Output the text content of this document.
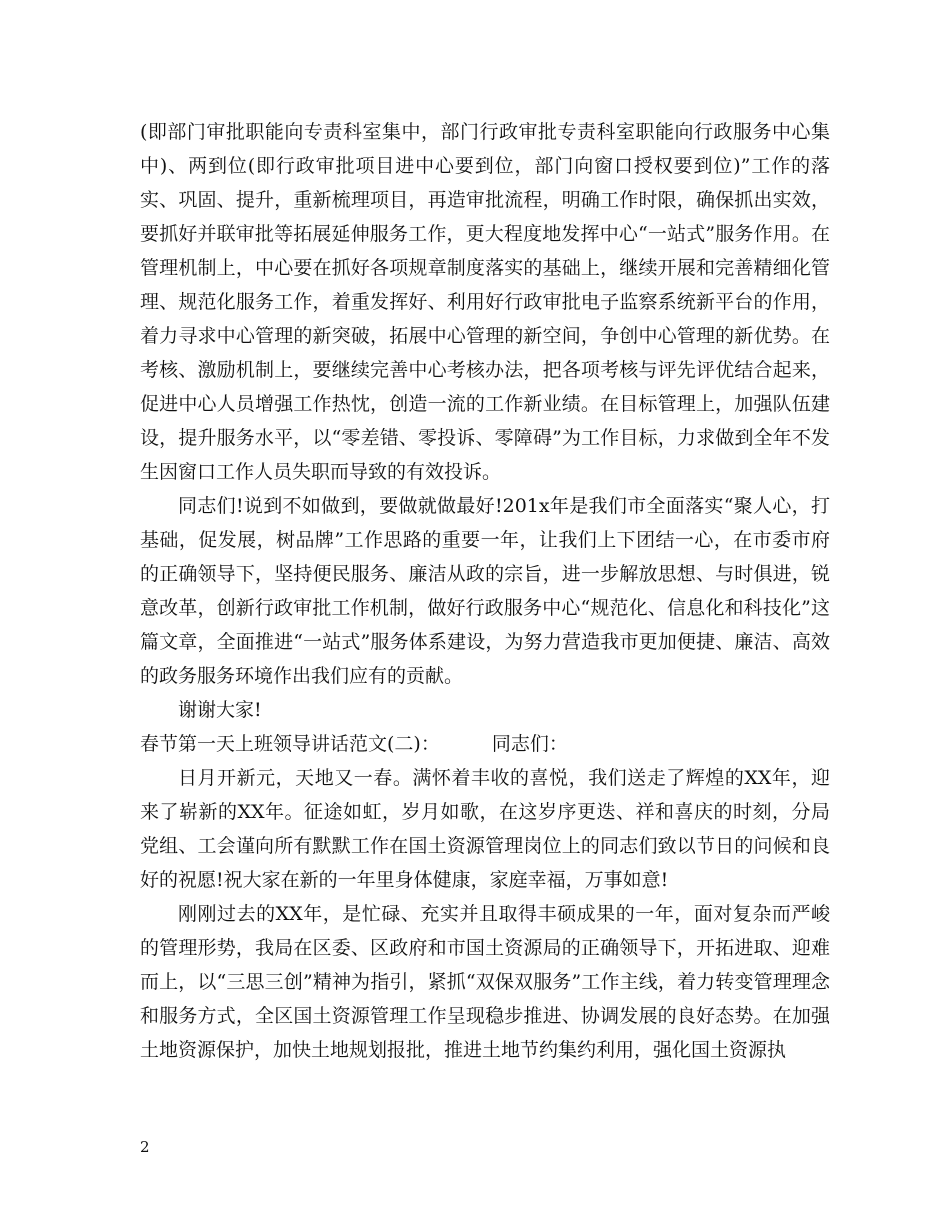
(即部门审批职能向专责科室集中，部门行政审批专责科室职能向行政服务中心集中)、两到位(即行政审批项目进中心要到位，部门向窗口授权要到位)”工作的落实、巩固、提升，重新梳理项目，再造审批流程，明确工作时限，确保抓出实效，要抓好并联审批等拓展延伸服务工作，更大程度地发挥中心“一站式”服务作用。在管理机制上，中心要在抓好各项规章制度落实的基础上，继续开展和完善精细化管理、规范化服务工作，着重发挥好、利用好行政审批电子监察系统新平台的作用，着力寻求中心管理的新突破，拓展中心管理的新空间，争创中心管理的新优势。在考核、激励机制上，要继续完善中心考核办法，把各项考核与评先评优结合起来，促进中心人员增强工作热忱，创造一流的工作新业绩。在目标管理上，加强队伍建设，提升服务水平，以“零差错、零投诉、零障碍”为工作目标，力求做到全年不发生因窗口工作人员失职而导致的有效投诉。

同志们!说到不如做到，要做就做最好!201x年是我们市全面落实“聚人心，打基础，促发展，树品牌”工作思路的重要一年，让我们上下团结一心，在市委市府的正确领导下，坚持便民服务、廉洁从政的宗旨，进一步解放思想、与时俱进，锐意改革，创新行政审批工作机制，做好行政服务中心“规范化、信息化和科技化”这篇文章，全面推进“一站式”服务体系建设，为努力营造我市更加便捷、廉洁、高效的政务服务环境作出我们应有的贡献。

谢谢大家!

春节第一天上班领导讲话范文(二)：	同志们：

日月开新元，天地又一春。满怀着丰收的喜悦，我们送走了辉煌的XX年，迎来了崭新的XX年。征途如虹，岁月如歌，在这岁序更迭、祥和喜庆的时刻，分局党组、工会谨向所有默默工作在国土资源管理岗位上的同志们致以节日的问候和良好的祝愿!祝大家在新的一年里身体健康，家庭幸福，万事如意!

刚刚过去的XX年，是忙碌、充实并且取得丰硕成果的一年，面对复杂而严峻的管理形势，我局在区委、区政府和市国土资源局的正确领导下，开拓进取、迎难而上，以“三思三创”精神为指引，紧抓“双保双服务”工作主线，着力转变管理理念和服务方式，全区国土资源管理工作呈现稳步推进、协调发展的良好态势。在加强土地资源保护，加快土地规划报批，推进土地节约集约利用，强化国土资源执

2
